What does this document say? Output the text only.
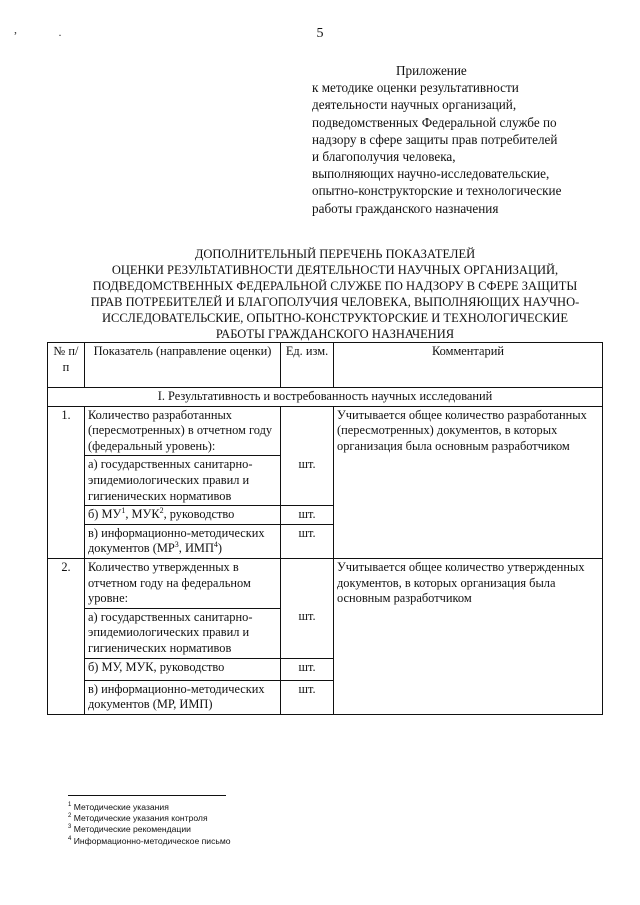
5
,	·
Приложение
к методике оценки результативности
деятельности научных организаций,
подведомственных Федеральной службе по
надзору в сфере защиты прав потребителей
и благополучия человека,
выполняющих научно-исследовательские,
опытно-конструкторские и технологические
работы гражданского назначения
ДОПОЛНИТЕЛЬНЫЙ ПЕРЕЧЕНЬ ПОКАЗАТЕЛЕЙ
ОЦЕНКИ РЕЗУЛЬТАТИВНОСТИ ДЕЯТЕЛЬНОСТИ НАУЧНЫХ ОРГАНИЗАЦИЙ,
ПОДВЕДОМСТВЕННЫХ ФЕДЕРАЛЬНОЙ СЛУЖБЕ ПО НАДЗОРУ В СФЕРЕ ЗАЩИТЫ
ПРАВ ПОТРЕБИТЕЛЕЙ И БЛАГОПОЛУЧИЯ ЧЕЛОВЕКА, ВЫПОЛНЯЮЩИХ НАУЧНО-
ИССЛЕДОВАТЕЛЬСКИЕ, ОПЫТНО-КОНСТРУКТОРСКИЕ И ТЕХНОЛОГИЧЕСКИЕ
РАБОТЫ ГРАЖДАНСКОГО НАЗНАЧЕНИЯ
№ п/п	Показатель (направление оценки)	Ед. изм.	Комментарий
I. Результативность и востребованность научных исследований			
1.	Количество разработанных (пересмотренных) в отчетном году (федеральный уровень):		Учитывается общее количество разработанных (пересмотренных) документов, в которых организация была основным разработчиком
	а) государственных санитарно-эпидемиологических правил и гигиенических нормативов	шт.	
	б) $МУ^1$, МУК$^2$, руководство	шт.	
	в) информационно-методических документов ($МР^3$, ИМП$^4$)	шт.	
2.	Количество утвержденных в отчетном году на федеральном уровне:		Учитывается общее количество утвержденных документов, в которых организация была основным разработчиком
	а) государственных санитарно-эпидемиологических правил и гигиенических нормативов	шт.	
	б) МУ, МУК, руководство	шт.	
	в) информационно-методических документов (МР, ИМП)	шт.	
$^1$ Методические указания
$^2$ Методические указания контроля
$^3$ Методические рекомендации
$^4$ Информационно-методическое письмо
